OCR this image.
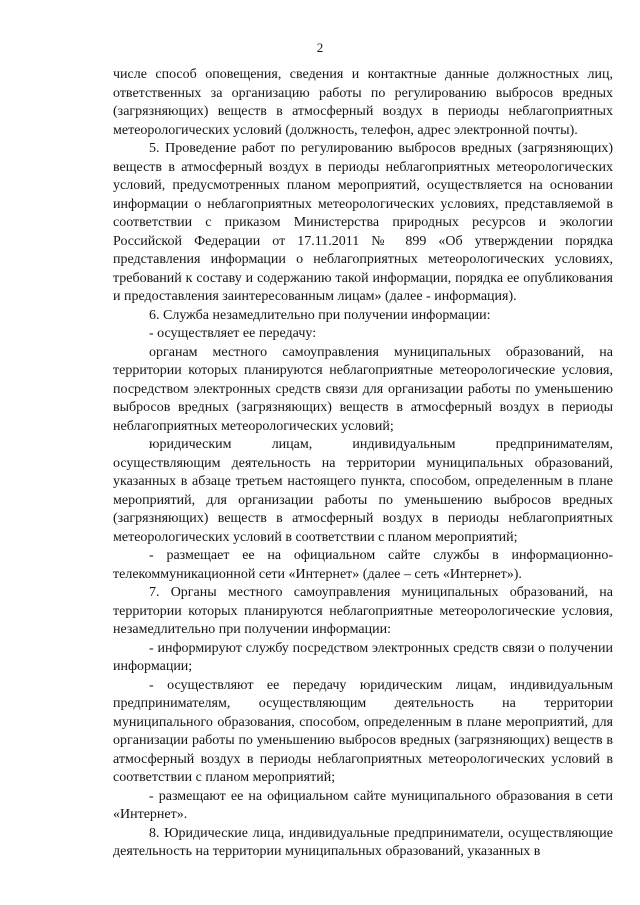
2

числе способ оповещения, сведения и контактные данные должностных лиц, ответственных за организацию работы по регулированию выбросов вредных (загрязняющих) веществ в атмосферный воздух в периоды неблагоприятных метеорологических условий (должность, телефон, адрес электронной почты).

5. Проведение работ по регулированию выбросов вредных (загрязняющих) веществ в атмосферный воздух в периоды неблагоприятных метеорологических условий, предусмотренных планом мероприятий, осуществляется на основании информации о неблагоприятных метеорологических условиях, представляемой в соответствии с приказом Министерства природных ресурсов и экологии Российской Федерации от 17.11.2011 № 899 «Об утверждении порядка представления информации о неблагоприятных метеорологических условиях, требований к составу и содержанию такой информации, порядка ее опубликования и предоставления заинтересованным лицам» (далее - информация).

6. Служба незамедлительно при получении информации:

- осуществляет ее передачу:

органам местного самоуправления муниципальных образований, на территории которых планируются неблагоприятные метеорологические условия, посредством электронных средств связи для организации работы по уменьшению выбросов вредных (загрязняющих) веществ в атмосферный воздух в периоды неблагоприятных метеорологических условий;

юридическим лицам, индивидуальным предпринимателям, осуществляющим деятельность на территории муниципальных образований, указанных в абзаце третьем настоящего пункта, способом, определенным в плане мероприятий, для организации работы по уменьшению выбросов вредных (загрязняющих) веществ в атмосферный воздух в периоды неблагоприятных метеорологических условий в соответствии с планом мероприятий;

- размещает ее на официальном сайте службы в информационно-телекоммуникационной сети «Интернет» (далее – сеть «Интернет»).

7. Органы местного самоуправления муниципальных образований, на территории которых планируются неблагоприятные метеорологические условия, незамедлительно при получении информации:

- информируют службу посредством электронных средств связи о получении информации;

- осуществляют ее передачу юридическим лицам, индивидуальным предпринимателям, осуществляющим деятельность на территории муниципального образования, способом, определенным в плане мероприятий, для организации работы по уменьшению выбросов вредных (загрязняющих) веществ в атмосферный воздух в периоды неблагоприятных метеорологических условий в соответствии с планом мероприятий;

- размещают ее на официальном сайте муниципального образования в сети «Интернет».

8. Юридические лица, индивидуальные предприниматели, осуществляющие деятельность на территории муниципальных образований, указанных в
